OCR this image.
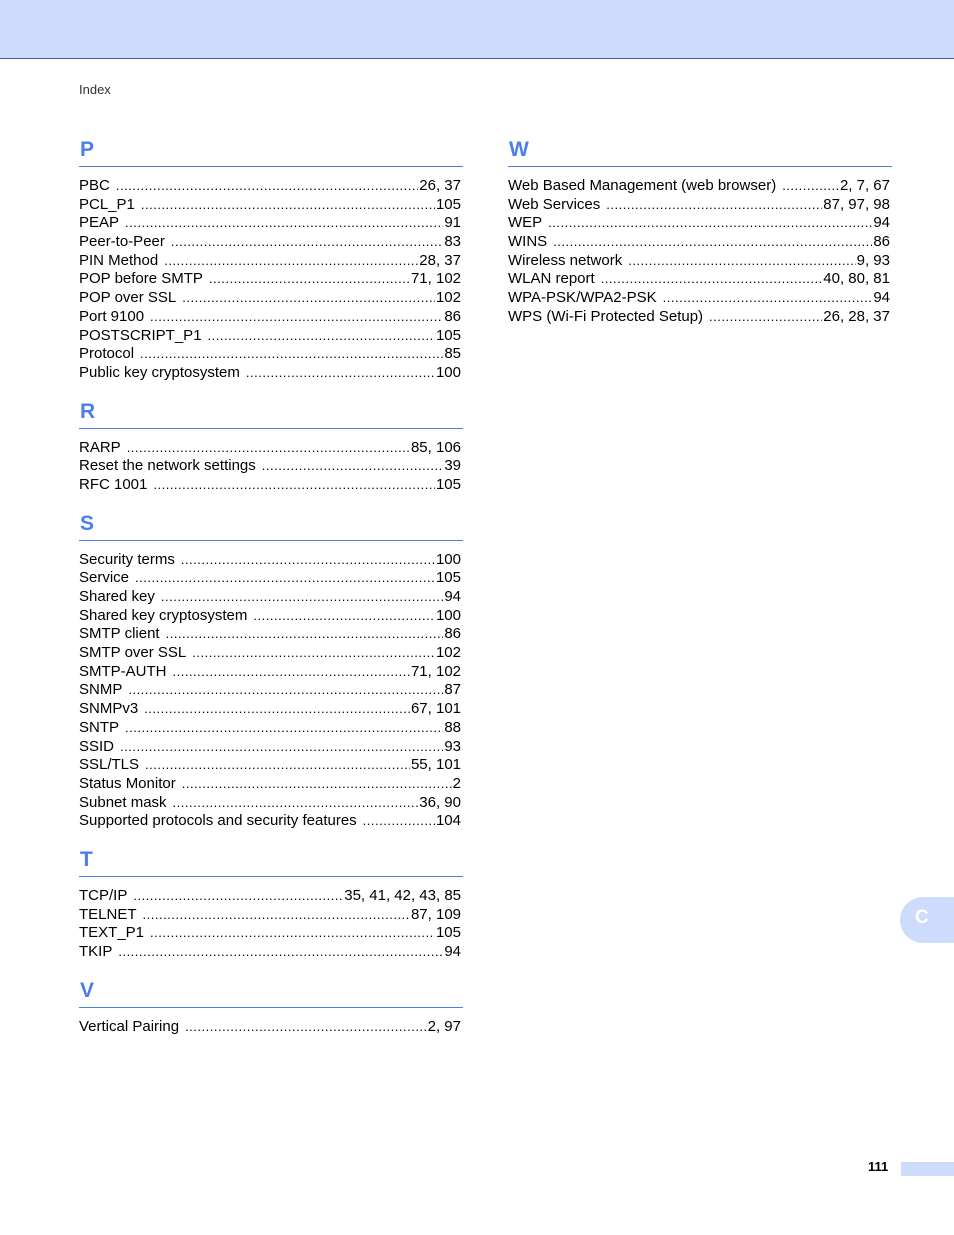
Index
P
PBC .....	26, 37
PCL_P1 .....	105
PEAP .....	91
Peer-to-Peer .....	83
PIN Method .....	28, 37
POP before SMTP .....	71, 102
POP over SSL .....	102
Port 9100 .....	86
POSTSCRIPT_P1 .....	105
Protocol .....	85
Public key cryptosystem .....	100
R
RARP .....	85, 106
Reset the network settings .....	39
RFC 1001 .....	105
S
Security terms .....	100
Service .....	105
Shared key .....	94
Shared key cryptosystem .....	100
SMTP client .....	86
SMTP over SSL .....	102
SMTP-AUTH .....	71, 102
SNMP .....	87
SNMPv3 .....	67, 101
SNTP .....	88
SSID .....	93
SSL/TLS .....	55, 101
Status Monitor .....	2
Subnet mask .....	36, 90
Supported protocols and security features .....	104
T
TCP/IP .....	35, 41, 42, 43, 85
TELNET .....	87, 109
TEXT_P1 .....	105
TKIP .....	94
V
Vertical Pairing .....	2, 97
W
Web Based Management (web browser) .....	2, 7, 67
Web Services .....	87, 97, 98
WEP .....	94
WINS .....	86
Wireless network .....	9, 93
WLAN report .....	40, 80, 81
WPA-PSK/WPA2-PSK .....	94
WPS (Wi-Fi Protected Setup) .....	26, 28, 37
C
111
